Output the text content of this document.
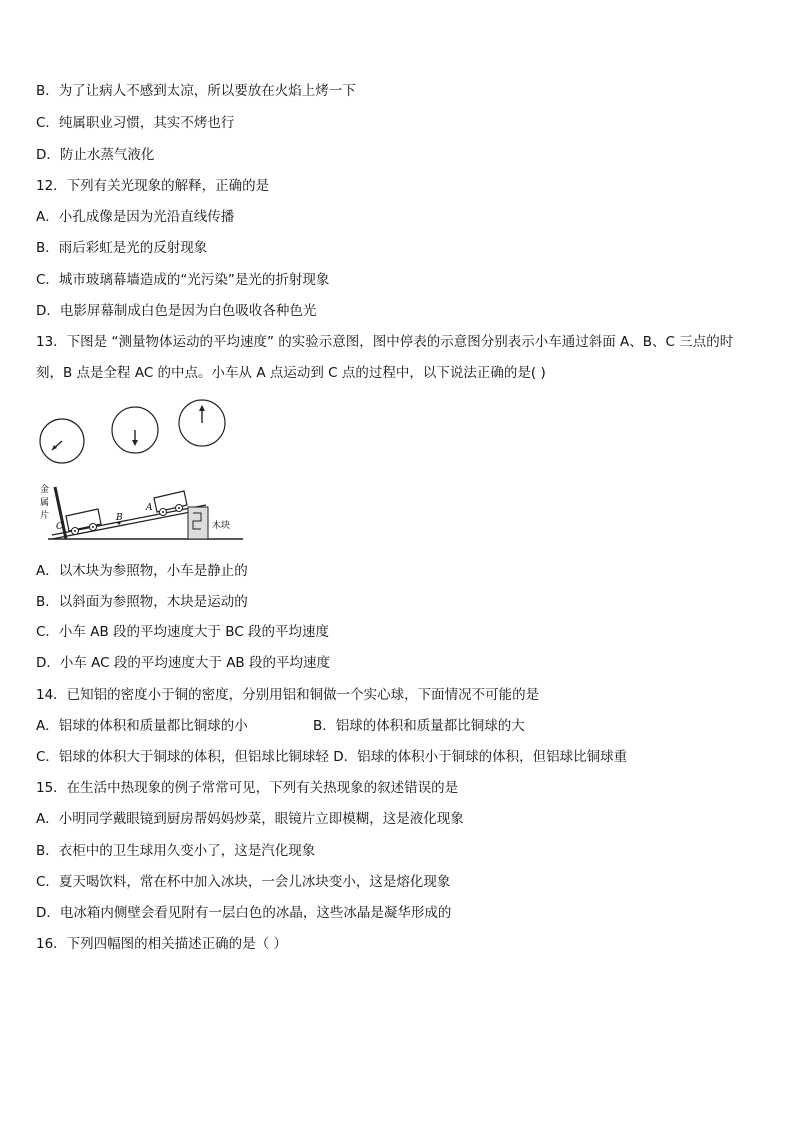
B．为了让病人不感到太凉，所以要放在火焰上烤一下
C．纯属职业习惯，其实不烤也行
D．防止水蒸气液化
12．下列有关光现象的解释，正确的是
A．小孔成像是因为光沿直线传播
B．雨后彩虹是光的反射现象
C．城市玻璃幕墙造成的“光污染”是光的折射现象
D．电影屏幕制成白色是因为白色吸收各种色光
13．下图是 “测量物体运动的平均速度” 的实验示意图，图中停表的示意图分别表示小车通过斜面 A、B、C 三点的时刻，B 点是全程 AC 的中点。小车从 A 点运动到 C 点的过程中，以下说法正确的是( )
金
属
片
C
B
A
木块
A．以木块为参照物，小车是静止的
B．以斜面为参照物，木块是运动的
C．小车 AB 段的平均速度大于 BC 段的平均速度
D．小车 AC 段的平均速度大于 AB 段的平均速度
14．已知铝的密度小于铜的密度，分别用铝和铜做一个实心球，下面情况不可能的是
A．铝球的体积和质量都比铜球的小	B．铝球的体积和质量都比铜球的大
C．铝球的体积大于铜球的体积，但铝球比铜球轻 D．铝球的体积小于铜球的体积，但铝球比铜球重
15．在生活中热现象的例子常常可见，下列有关热现象的叙述错误的是
A．小明同学戴眼镜到厨房帮妈妈炒菜，眼镜片立即模糊，这是液化现象
B．衣柜中的卫生球用久变小了，这是汽化现象
C．夏天喝饮料，常在杯中加入冰块，一会儿冰块变小，这是熔化现象
D．电冰箱内侧壁会看见附有一层白色的冰晶，这些冰晶是凝华形成的
16．下列四幅图的相关描述正确的是（ ）
